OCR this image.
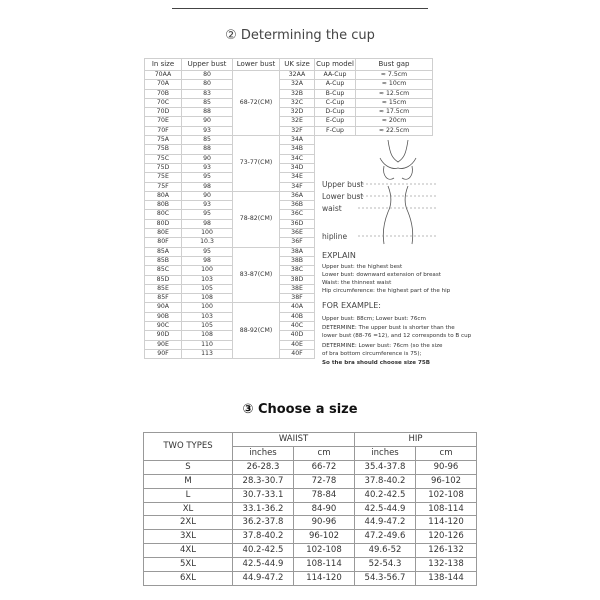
② Determining the cup
In size	Upper bust	Lower bust	UK size	Cup model	Bust gap
70AA	80	68-72(CM)	32AA	AA-Cup	≈ 7.5cm
70A	80		32A	A-Cup	≈ 10cm
70B	83		32B	B-Cup	≈ 12.5cm
70C	85		32C	C-Cup	≈ 15cm
70D	88		32D	D-Cup	≈ 17.5cm
70E	90		32E	E-Cup	≈ 20cm
70F	93		32F	F-Cup	≈ 22.5cm
75A	85	73-77(CM)	34A		
75B	88		34B		
75C	90		34C		
75D	93		34D		
75E	95		34E		
75F	98		34F		
80A	90	78-82(CM)	36A		
80B	93		36B		
80C	95		36C		
80D	98		36D		
80E	100		36E		
80F	10.3		36F		
85A	95	83-87(CM)	38A		
85B	98		38B		
85C	100		38C		
85D	103		38D		
85E	105		38E		
85F	108		38F		
90A	100	88-92(CM)	40A		
90B	103		40B		
90C	105		40C		
90D	108		40D		
90E	110		40E		
90F	113		40F		
Upper bust
Lower bust
waist
hipline
EXPLAIN
Upper bust: the highest best
Lower bust: downward extension of breast
Waist: the thinnest waist
Hip circumference: the highest part of the hip
FOR EXAMPLE:
Upper bust: 88cm; Lower bust: 76cm
DETERMINE: The upper bust is shorter than the
lower bust (88-76 =12), and 12 corresponds to B cup
DETERMINE: Lower bust: 76cm (so the size
of bra bottom circumference is 75);
So the bra should choose size 75B
③ Choose a size
TWO TYPES	WAIIST		HIP	
	inches	cm	inches	cm
S	26-28.3	66-72	35.4-37.8	90-96
M	28.3-30.7	72-78	37.8-40.2	96-102
L	30.7-33.1	78-84	40.2-42.5	102-108
XL	33.1-36.2	84-90	42.5-44.9	108-114
2XL	36.2-37.8	90-96	44.9-47.2	114-120
3XL	37.8-40.2	96-102	47.2-49.6	120-126
4XL	40.2-42.5	102-108	49.6-52	126-132
5XL	42.5-44.9	108-114	52-54.3	132-138
6XL	44.9-47.2	114-120	54.3-56.7	138-144
